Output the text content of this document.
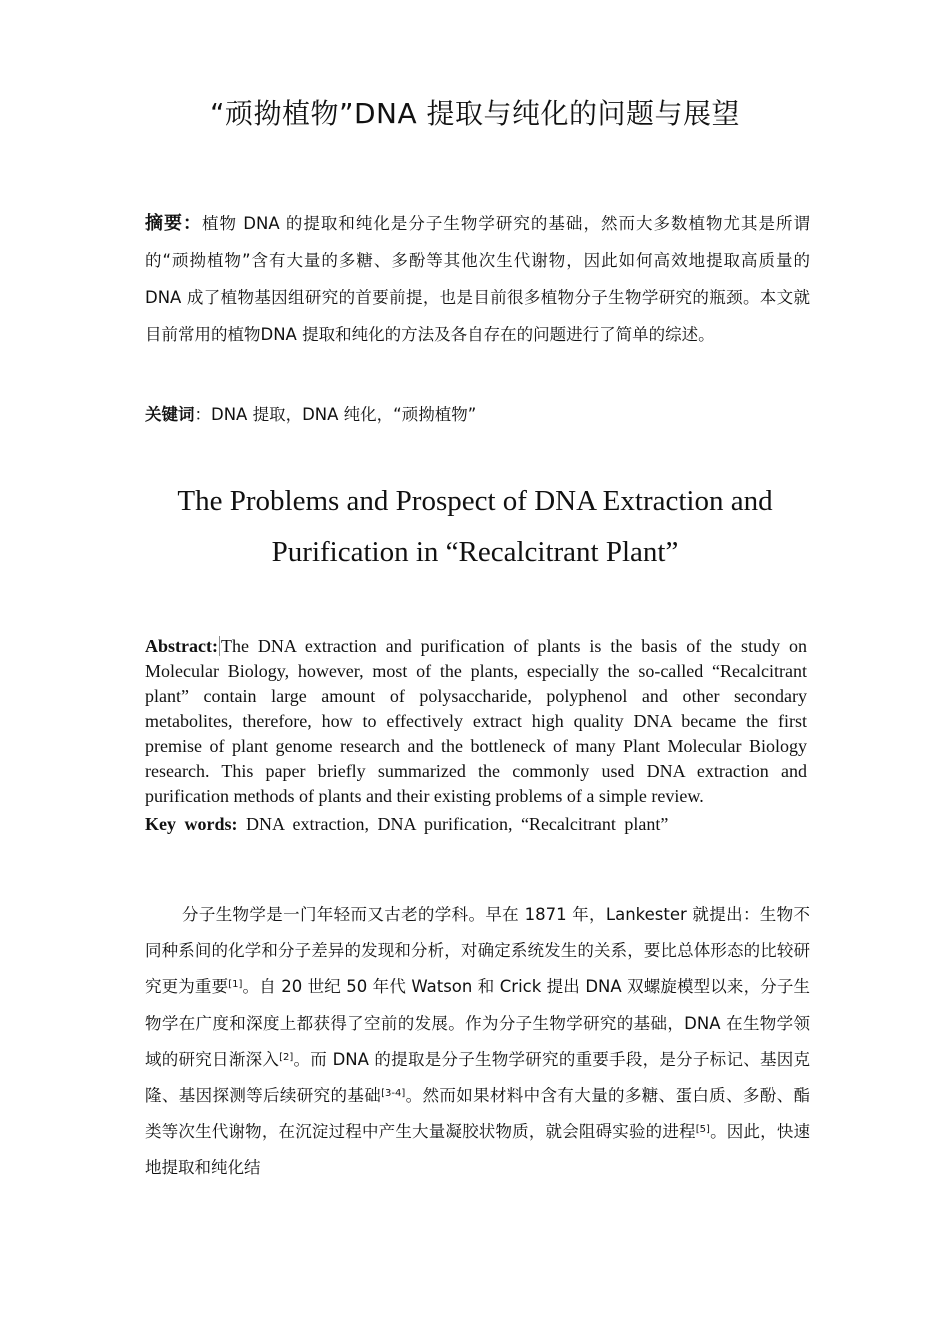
“顽拗植物”DNA 提取与纯化的问题与展望
摘要：植物 DNA 的提取和纯化是分子生物学研究的基础，然而大多数植物尤其是所谓的“顽拗植物”含有大量的多糖、多酚等其他次生代谢物，因此如何高效地提取高质量的 DNA 成了植物基因组研究的首要前提，也是目前很多植物分子生物学研究的瓶颈。本文就目前常用的植物DNA 提取和纯化的方法及各自存在的问题进行了简单的综述。
关键词：DNA 提取，DNA 纯化，“顽拗植物”
The Problems and Prospect of DNA Extraction and
Purification in “Recalcitrant Plant”
Abstract: The DNA extraction and purification of plants is the basis of the study on Molecular Biology, however, most of the plants, especially the so-called “Recalcitrant plant” contain large amount of polysaccharide, polyphenol and other secondary metabolites, therefore, how to effectively extract high quality DNA became the first premise of plant genome research and the bottleneck of many Plant Molecular Biology research. This paper briefly summarized the commonly used DNA extraction and purification methods of plants and their existing problems of a simple review.
Key words: DNA extraction, DNA purification, “Recalcitrant plant”
分子生物学是一门年轻而又古老的学科。早在 1871 年，Lankester 就提出：生物不同种系间的化学和分子差异的发现和分析，对确定系统发生的关系，要比总体形态的比较研究更为重要[1]。自 20 世纪 50 年代 Watson 和 Crick 提出 DNA 双螺旋模型以来，分子生物学在广度和深度上都获得了空前的发展。作为分子生物学研究的基础，DNA 在生物学领域的研究日渐深入[2]。而 DNA 的提取是分子生物学研究的重要手段，是分子标记、基因克隆、基因探测等后续研究的基础[3-4]。然而如果材料中含有大量的多糖、蛋白质、多酚、酯类等次生代谢物，在沉淀过程中产生大量凝胶状物质，就会阻碍实验的进程[5]。因此，快速地提取和纯化结
